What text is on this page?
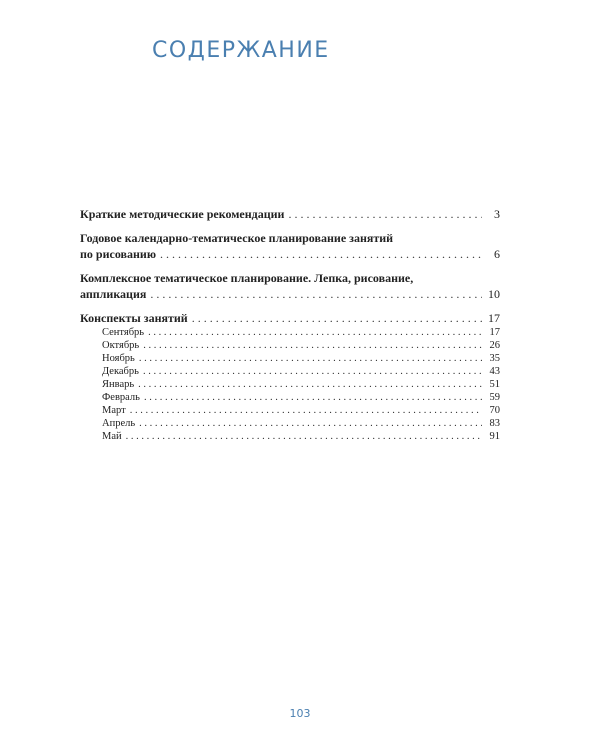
СОДЕРЖАНИЕ
Краткие методические рекомендации . . .	3
Годовое календарно-тематическое планирование занятий
по рисованию . . .	6
Комплексное тематическое планирование. Лепка, рисование,
аппликация . . .	10
Конспекты занятий . . .	17
Сентябрь . . .	17
Октябрь . . .	26
Ноябрь . . .	35
Декабрь . . .	43
Январь . . .	51
Февраль . . .	59
Март . . .	70
Апрель . . .	83
Май . . .	91
103
